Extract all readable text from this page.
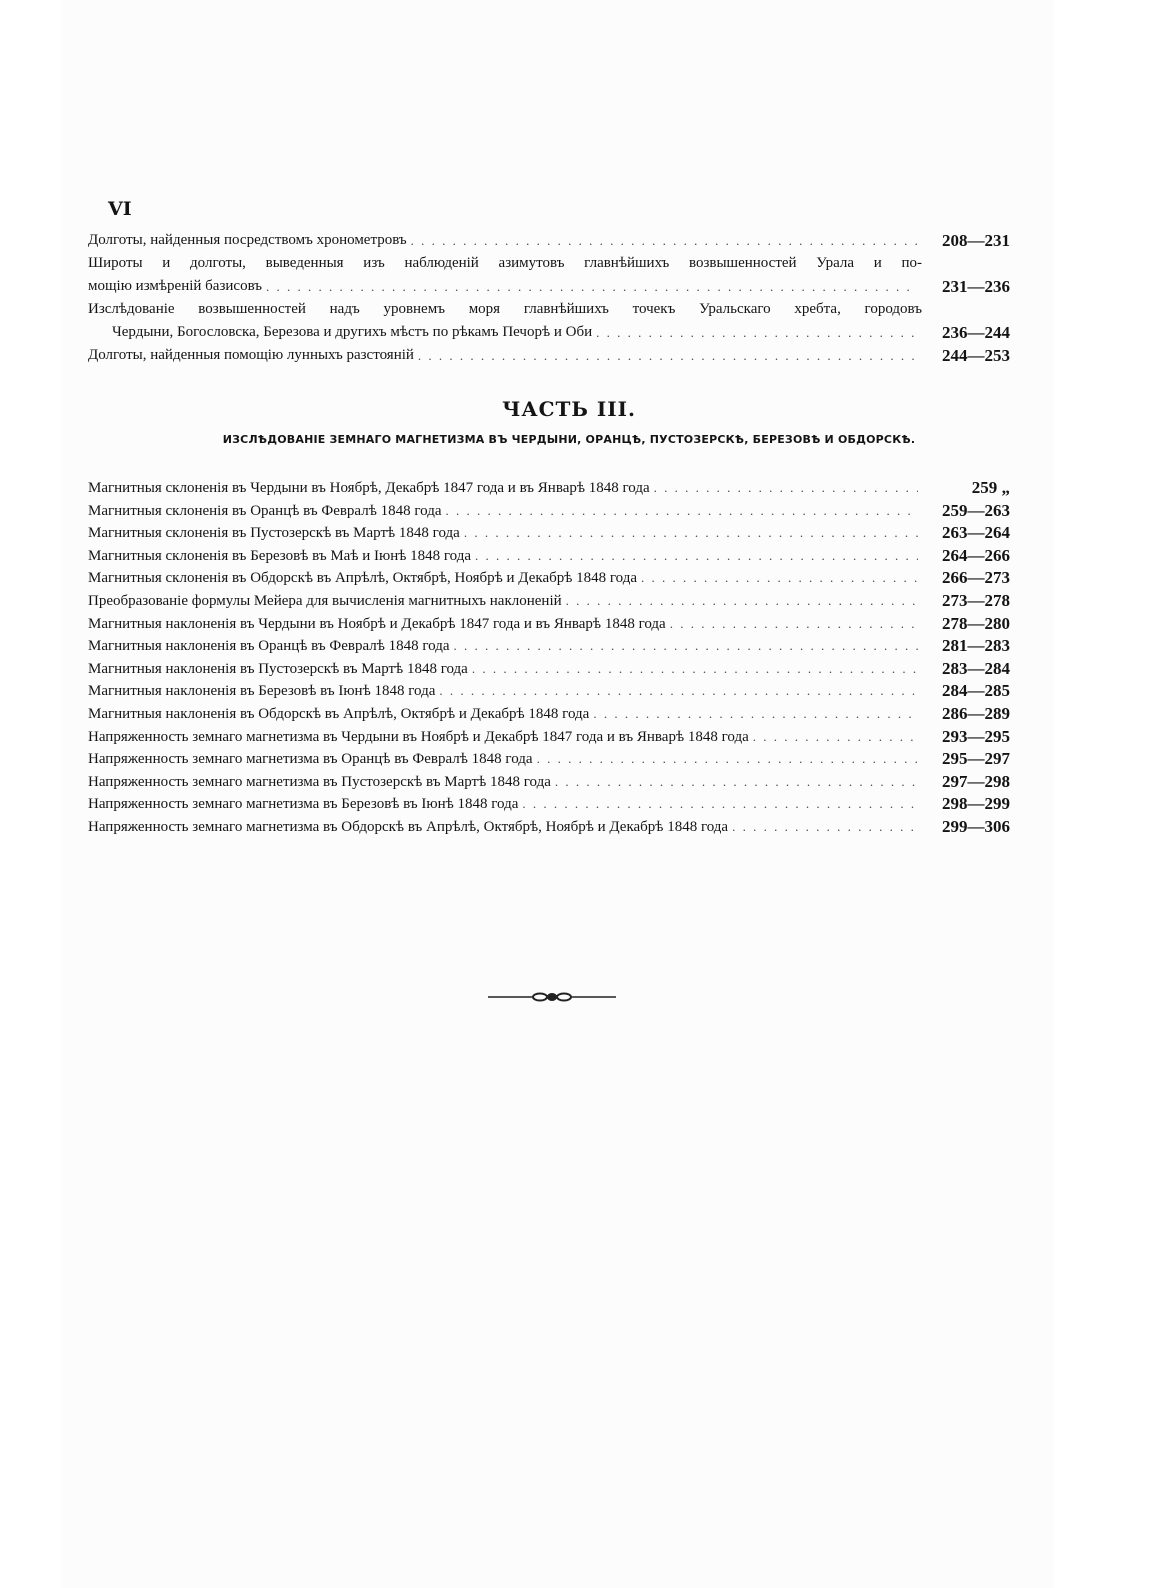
VI
Долготы, найденныя посредствомъ хронометровъ . . .	208—231
Широты и долготы, выведенныя изъ наблюденій азимутовъ главнѣйшихъ возвышенностей Урала и по-
мощію измѣреній базисовъ . . .	231—236
Изслѣдованіе возвышенностей надъ уровнемъ моря главнѣйшихъ точекъ Уральскаго хребта, городовъ
Чердыни, Богословска, Березова и другихъ мѣстъ по рѣкамъ Печорѣ и Оби . . .	236—244
Долготы, найденныя помощію лунныхъ разстояній . . .	244—253
ЧАСТЬ III.
ИЗСЛѢДОВАНІЕ ЗЕМНАГО МАГНЕТИЗМА ВЪ ЧЕРДЫНИ, ОРАНЦѢ, ПУСТОЗЕРСКѢ, БЕРЕЗОВѢ И ОБДОРСКѢ.
Магнитныя склоненія въ Чердыни въ Ноябрѣ, Декабрѣ 1847 года и въ Январѣ 1848 года . . .	259 „
Магнитныя склоненія въ Оранцѣ въ Февралѣ 1848 года . . .	259—263
Магнитныя склоненія въ Пустозерскѣ въ Мартѣ 1848 года . . .	263—264
Магнитныя склоненія въ Березовѣ въ Маѣ и Іюнѣ 1848 года . . .	264—266
Магнитныя склоненія въ Обдорскѣ въ Апрѣлѣ, Октябрѣ, Ноябрѣ и Декабрѣ 1848 года . . .	266—273
Преобразованіе формулы Мейера для вычисленія магнитныхъ наклоненій . . .	273—278
Магнитныя наклоненія въ Чердыни въ Ноябрѣ и Декабрѣ 1847 года и въ Январѣ 1848 года . . .	278—280
Магнитныя наклоненія въ Оранцѣ въ Февралѣ 1848 года . . .	281—283
Магнитныя наклоненія въ Пустозерскѣ въ Мартѣ 1848 года . . .	283—284
Магнитныя наклоненія въ Березовѣ въ Іюнѣ 1848 года . . .	284—285
Магнитныя наклоненія въ Обдорскѣ въ Апрѣлѣ, Октябрѣ и Декабрѣ 1848 года . . .	286—289
Напряженность земнаго магнетизма въ Чердыни въ Ноябрѣ и Декабрѣ 1847 года и въ Январѣ 1848 года . . .	293—295
Напряженность земнаго магнетизма въ Оранцѣ въ Февралѣ 1848 года . . .	295—297
Напряженность земнаго магнетизма въ Пустозерскѣ въ Мартѣ 1848 года . . .	297—298
Напряженность земнаго магнетизма въ Березовѣ въ Іюнѣ 1848 года . . .	298—299
Напряженность земнаго магнетизма въ Обдорскѣ въ Апрѣлѣ, Октябрѣ, Ноябрѣ и Декабрѣ 1848 года . . .	299—306
